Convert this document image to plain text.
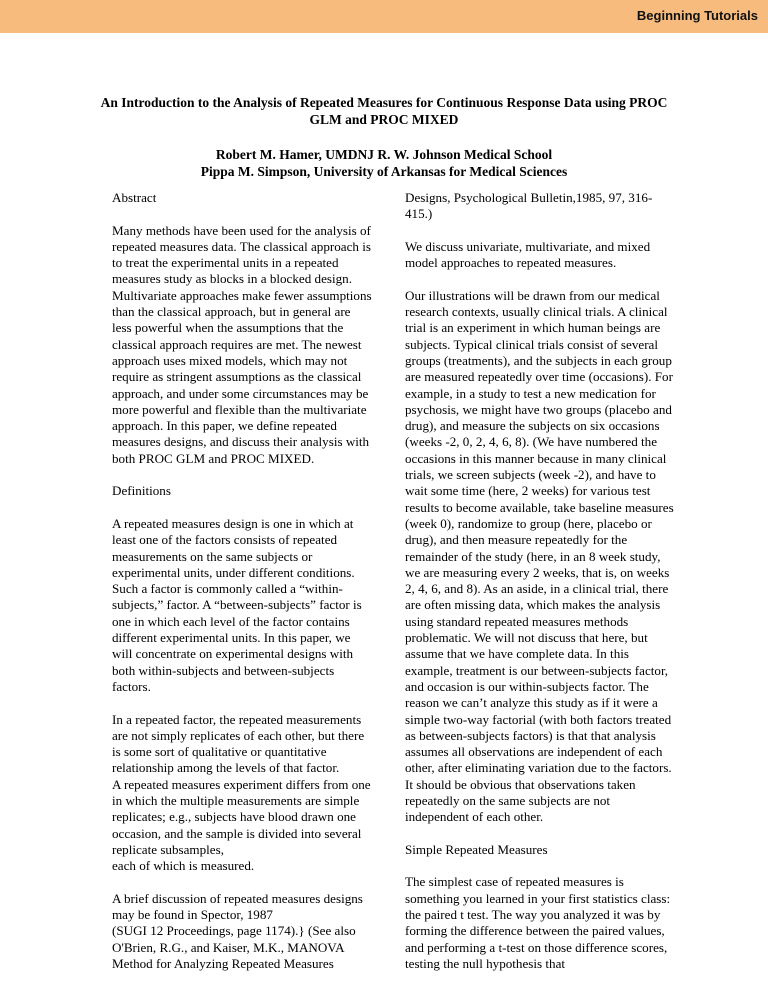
Beginning Tutorials
An Introduction to the Analysis of Repeated Measures for Continuous Response Data using PROC GLM and PROC MIXED
Robert M. Hamer, UMDNJ R. W. Johnson Medical School
Pippa M. Simpson, University of Arkansas for Medical Sciences
Abstract
Many methods have been used for the analysis of repeated measures data. The classical approach is to treat the experimental units in a repeated measures study as blocks in a blocked design. Multivariate approaches make fewer assumptions than the classical approach, but in general are less powerful when the assumptions that the classical approach requires are met. The newest approach uses mixed models, which may not require as stringent assumptions as the classical approach, and under some circumstances may be more powerful and flexible than the multivariate approach. In this paper, we define repeated measures designs, and discuss their analysis with both PROC GLM and PROC MIXED.
Definitions
A repeated measures design is one in which at least one of the factors consists of repeated measurements on the same subjects or experimental units, under different conditions. Such a factor is commonly called a “within-subjects,” factor. A “between-subjects” factor is one in which each level of the factor contains different experimental units. In this paper, we will concentrate on experimental designs with both within-subjects and between-subjects factors.
In a repeated factor, the repeated measurements are not simply replicates of each other, but there is some sort of qualitative or quantitative relationship among the levels of that factor.
A repeated measures experiment differs from one in which the multiple measurements are simple replicates; e.g., subjects have blood drawn one occasion, and the sample is divided into several replicate subsamples,
each of which is measured.
A brief discussion of repeated measures designs may be found in Spector, 1987
(SUGI 12 Proceedings, page 1174).} (See also O'Brien, R.G., and Kaiser, M.K., MANOVA Method for Analyzing Repeated Measures
Designs, Psychological Bulletin,1985, 97, 316-415.)
We discuss univariate, multivariate, and mixed model approaches to repeated measures.
Our illustrations will be drawn from our medical research contexts, usually clinical trials. A clinical trial is an experiment in which human beings are subjects. Typical clinical trials consist of several groups (treatments), and the subjects in each group are measured repeatedly over time (occasions). For example, in a study to test a new medication for psychosis, we might have two groups (placebo and drug), and measure the subjects on six occasions (weeks -2, 0, 2, 4, 6, 8). (We have numbered the occasions in this manner because in many clinical trials, we screen subjects (week -2), and have to wait some time (here, 2 weeks) for various test results to become available, take baseline measures (week 0), randomize to group (here, placebo or drug), and then measure repeatedly for the remainder of the study (here, in an 8 week study, we are measuring every 2 weeks, that is, on weeks 2, 4, 6, and 8). As an aside, in a clinical trial, there are often missing data, which makes the analysis using standard repeated measures methods problematic. We will not discuss that here, but assume that we have complete data. In this example, treatment is our between-subjects factor, and occasion is our within-subjects factor. The reason we can’t analyze this study as if it were a simple two-way factorial (with both factors treated as between-subjects factors) is that that analysis assumes all observations are independent of each other, after eliminating variation due to the factors. It should be obvious that observations taken repeatedly on the same subjects are not independent of each other.
Simple Repeated Measures
The simplest case of repeated measures is something you learned in your first statistics class: the paired t test. The way you analyzed it was by forming the difference between the paired values, and performing a t-test on those difference scores, testing the null hypothesis that
